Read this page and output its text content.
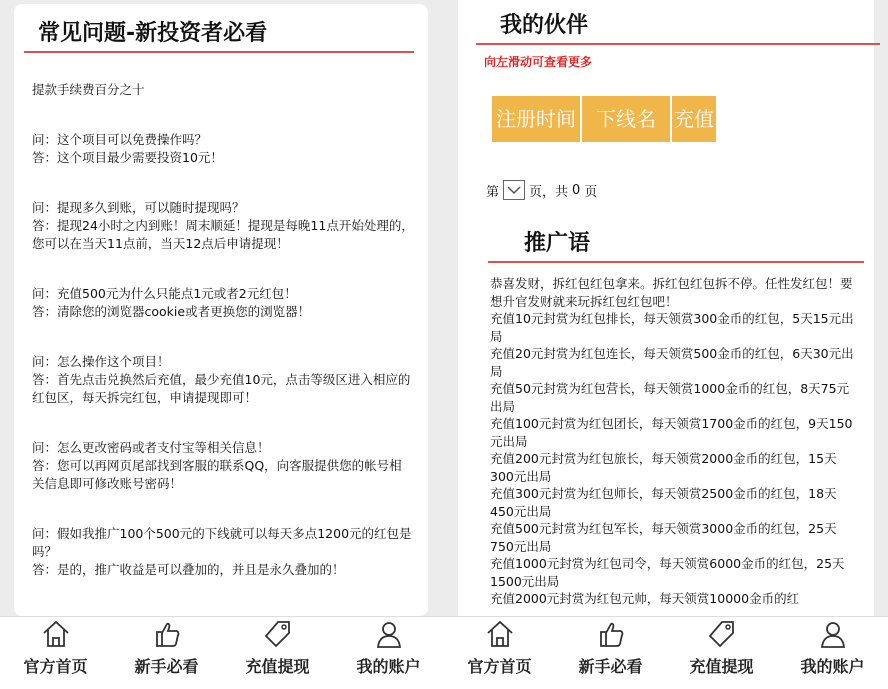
常见问题-新投资者必看

提款手续费百分之十

问：这个项目可以免费操作吗？

答：这个项目最少需要投资10元！

问：提现多久到账，可以随时提现吗？

答：提现24小时之内到账！周末顺延！提现是每晚11点开始处理的，您可以在当天11点前，当天12点后申请提现！

问：充值500元为什么只能点1元或者2元红包！

答：清除您的浏览器cookie或者更换您的浏览器！

问：怎么操作这个项目！

答：首先点击兑换然后充值，最少充值10元，点击等级区进入相应的红包区，每天拆完红包，申请提现即可！

问：怎么更改密码或者支付宝等相关信息！

答：您可以再网页尾部找到客服的联系QQ，向客服提供您的帐号相关信息即可修改账号密码！

问：假如我推广100个500元的下线就可以每天多点1200元的红包是吗？

答：是的，推广收益是可以叠加的，并且是永久叠加的！

官方首页	新手必看	充值提现	我的账户
我的伙伴
向左滑动可查看更多
注册时间	下线名 充值
第 页，共 0 页
推广语

恭喜发财，拆红包红包拿来。拆红包红包拆不停。任性发红包！要想升官发财就来玩拆红包红包吧！

充值10元封赏为红包排长，每天领赏300金币的红包，5天15元出局

充值20元封赏为红包连长，每天领赏500金币的红包，6天30元出局

充值50元封赏为红包营长，每天领赏1000金币的红包，8天75元出局

充值100元封赏为红包团长，每天领赏1700金币的红包，9天150元出局

充值200元封赏为红包旅长，每天领赏2000金币的红包，15天300元出局

充值300元封赏为红包师长，每天领赏2500金币的红包，18天450元出局

充值500元封赏为红包军长，每天领赏3000金币的红包，25天750元出局

充值1000元封赏为红包司令，每天领赏6000金币的红包，25天1500元出局

充值2000元封赏为红包元帅，每天领赏10000金币的红

官方首页	新手必看	充值提现	我的账户
